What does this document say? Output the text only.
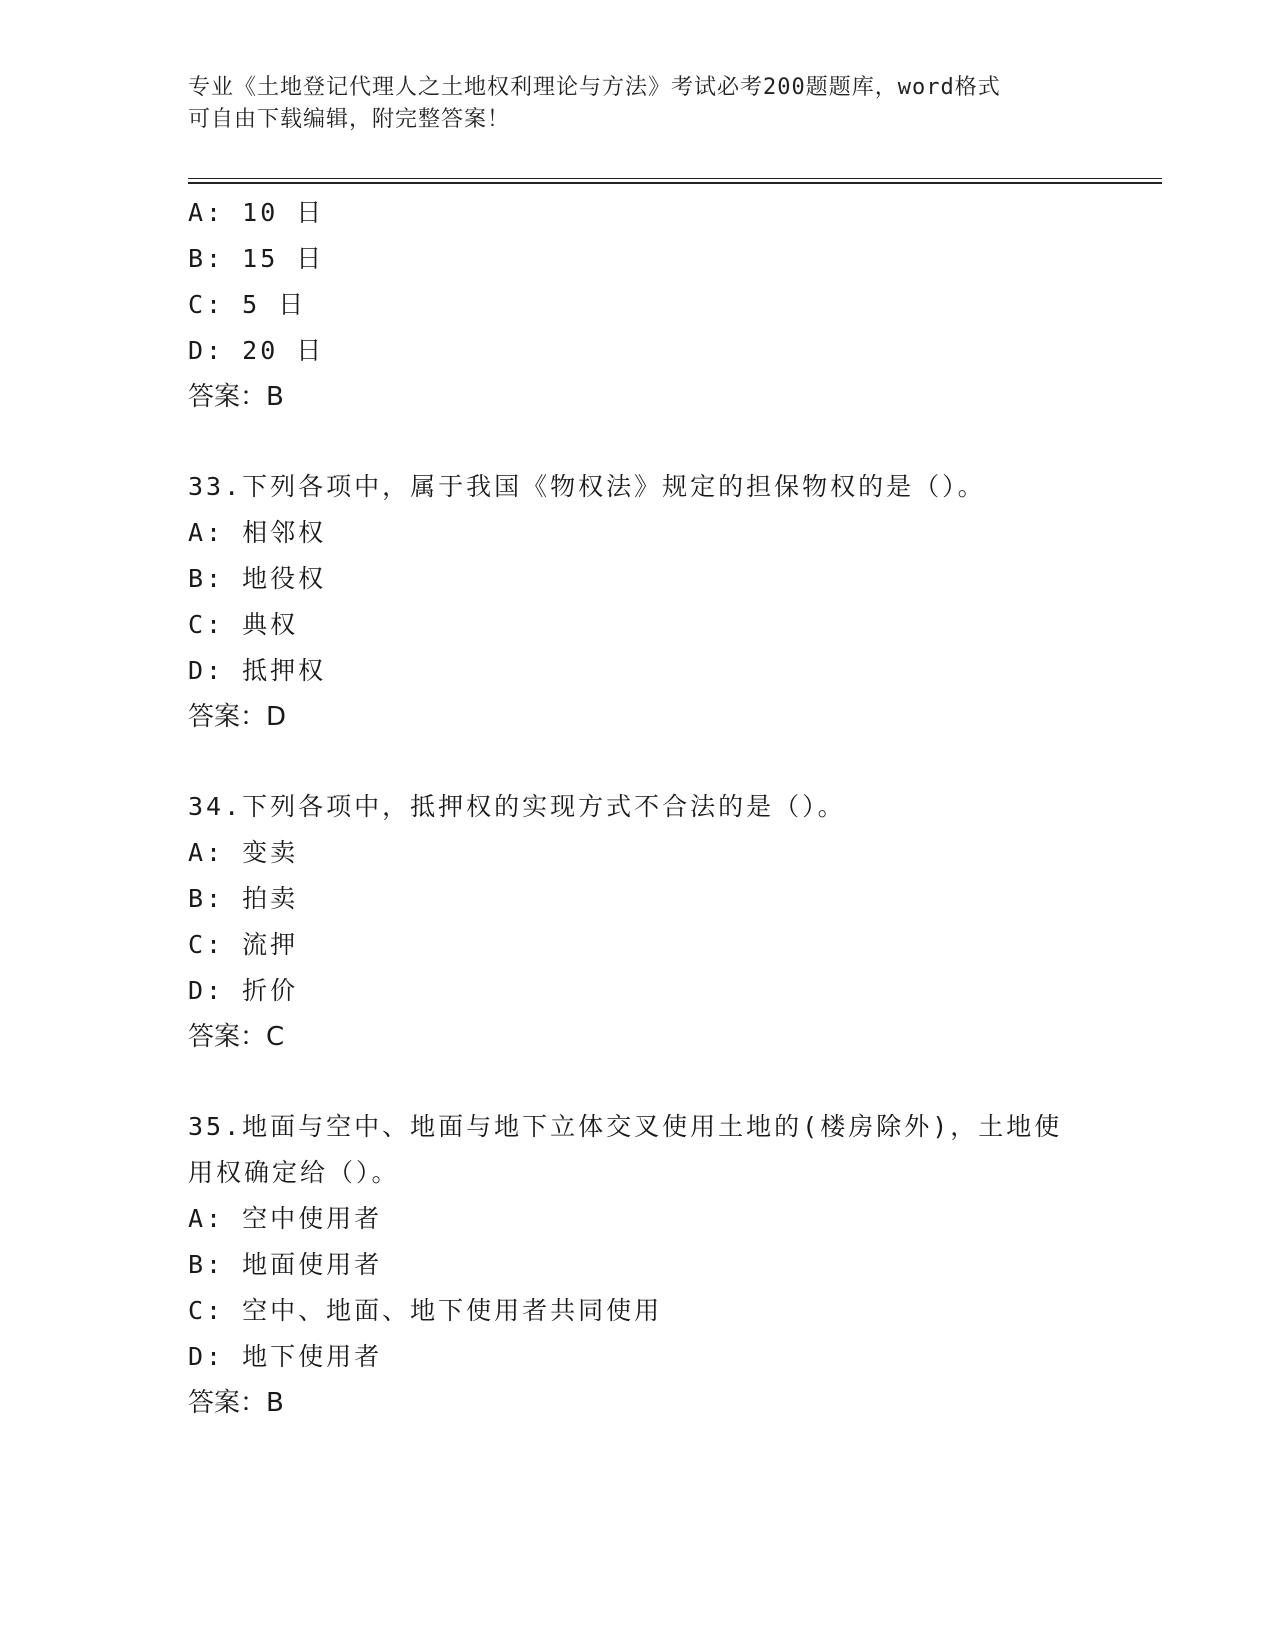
专业《土地登记代理人之土地权利理论与方法》考试必考200题题库，word格式
可自由下载编辑，附完整答案！
A: 10 日
B: 15 日
C: 5 日
D: 20 日
答案：B
33.下列各项中，属于我国《物权法》规定的担保物权的是（）。
A: 相邻权
B: 地役权
C: 典权
D: 抵押权
答案：D
34.下列各项中，抵押权的实现方式不合法的是（）。
A: 变卖
B: 拍卖
C: 流押
D: 折价
答案：C
35.地面与空中、地面与地下立体交叉使用土地的(楼房除外)，土地使
用权确定给（）。
A: 空中使用者
B: 地面使用者
C: 空中、地面、地下使用者共同使用
D: 地下使用者
答案：B
